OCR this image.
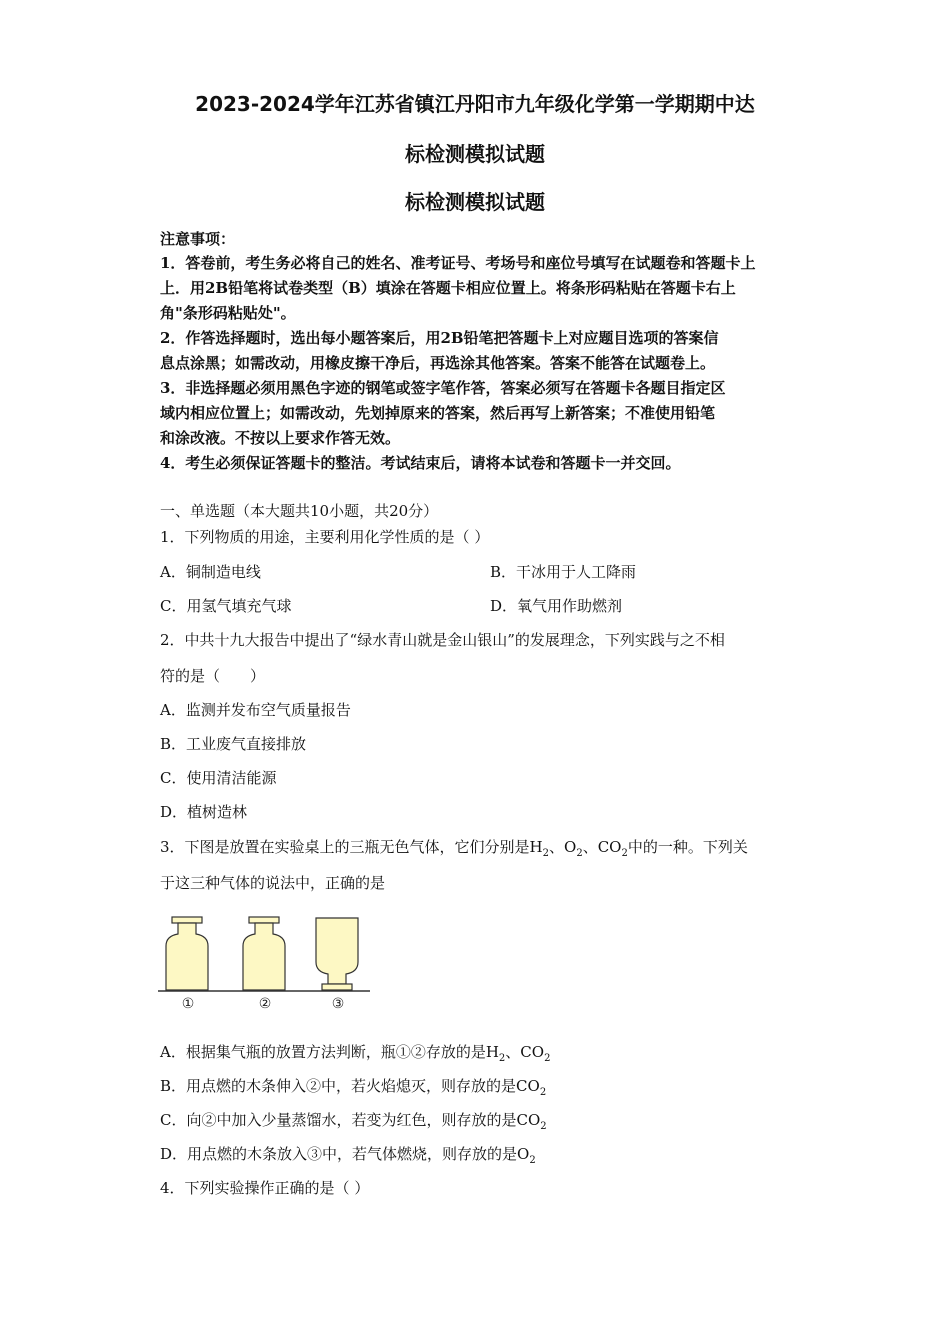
2023-2024学年江苏省镇江丹阳市九年级化学第一学期期中达
标检测模拟试题
标检测模拟试题
注意事项：
1．答卷前，考生务必将自己的姓名、准考证号、考场号和座位号填写在试题卷和答题卡上
上．用2B铅笔将试卷类型（B）填涂在答题卡相应位置上。将条形码粘贴在答题卡右上
角"条形码粘贴处"。
2．作答选择题时，选出每小题答案后，用2B铅笔把答题卡上对应题目选项的答案信
息点涂黑；如需改动，用橡皮擦干净后，再选涂其他答案。答案不能答在试题卷上。
3．非选择题必须用黑色字迹的钢笔或签字笔作答，答案必须写在答题卡各题目指定区
域内相应位置上；如需改动，先划掉原来的答案，然后再写上新答案；不准使用铅笔
和涂改液。不按以上要求作答无效。
4．考生必须保证答题卡的整洁。考试结束后，请将本试卷和答题卡一并交回。
一、单选题（本大题共10小题，共20分）
1．下列物质的用途，主要利用化学性质的是（ ）
A．铜制造电线	B．干冰用于人工降雨
C．用氢气填充气球	D．氧气用作助燃剂
2．中共十九大报告中提出了“绿水青山就是金山银山”的发展理念，下列实践与之不相
符的是（　　）
A．监测并发布空气质量报告
B．工业废气直接排放
C．使用清洁能源
D．植树造林
3．下图是放置在实验桌上的三瓶无色气体，它们分别是$H_2$、$O_2$、$CO_2$中的一种。下列关
于这三种气体的说法中，正确的是
①	②	③
A．根据集气瓶的放置方法判断，瓶①②存放的是$H_2$、$CO_2$
B．用点燃的木条伸入②中，若火焰熄灭，则存放的是$CO_2$
C．向②中加入少量蒸馏水，若变为红色，则存放的是$CO_2$
D．用点燃的木条放入③中，若气体燃烧，则存放的是$O_2$
4．下列实验操作正确的是（ ）
